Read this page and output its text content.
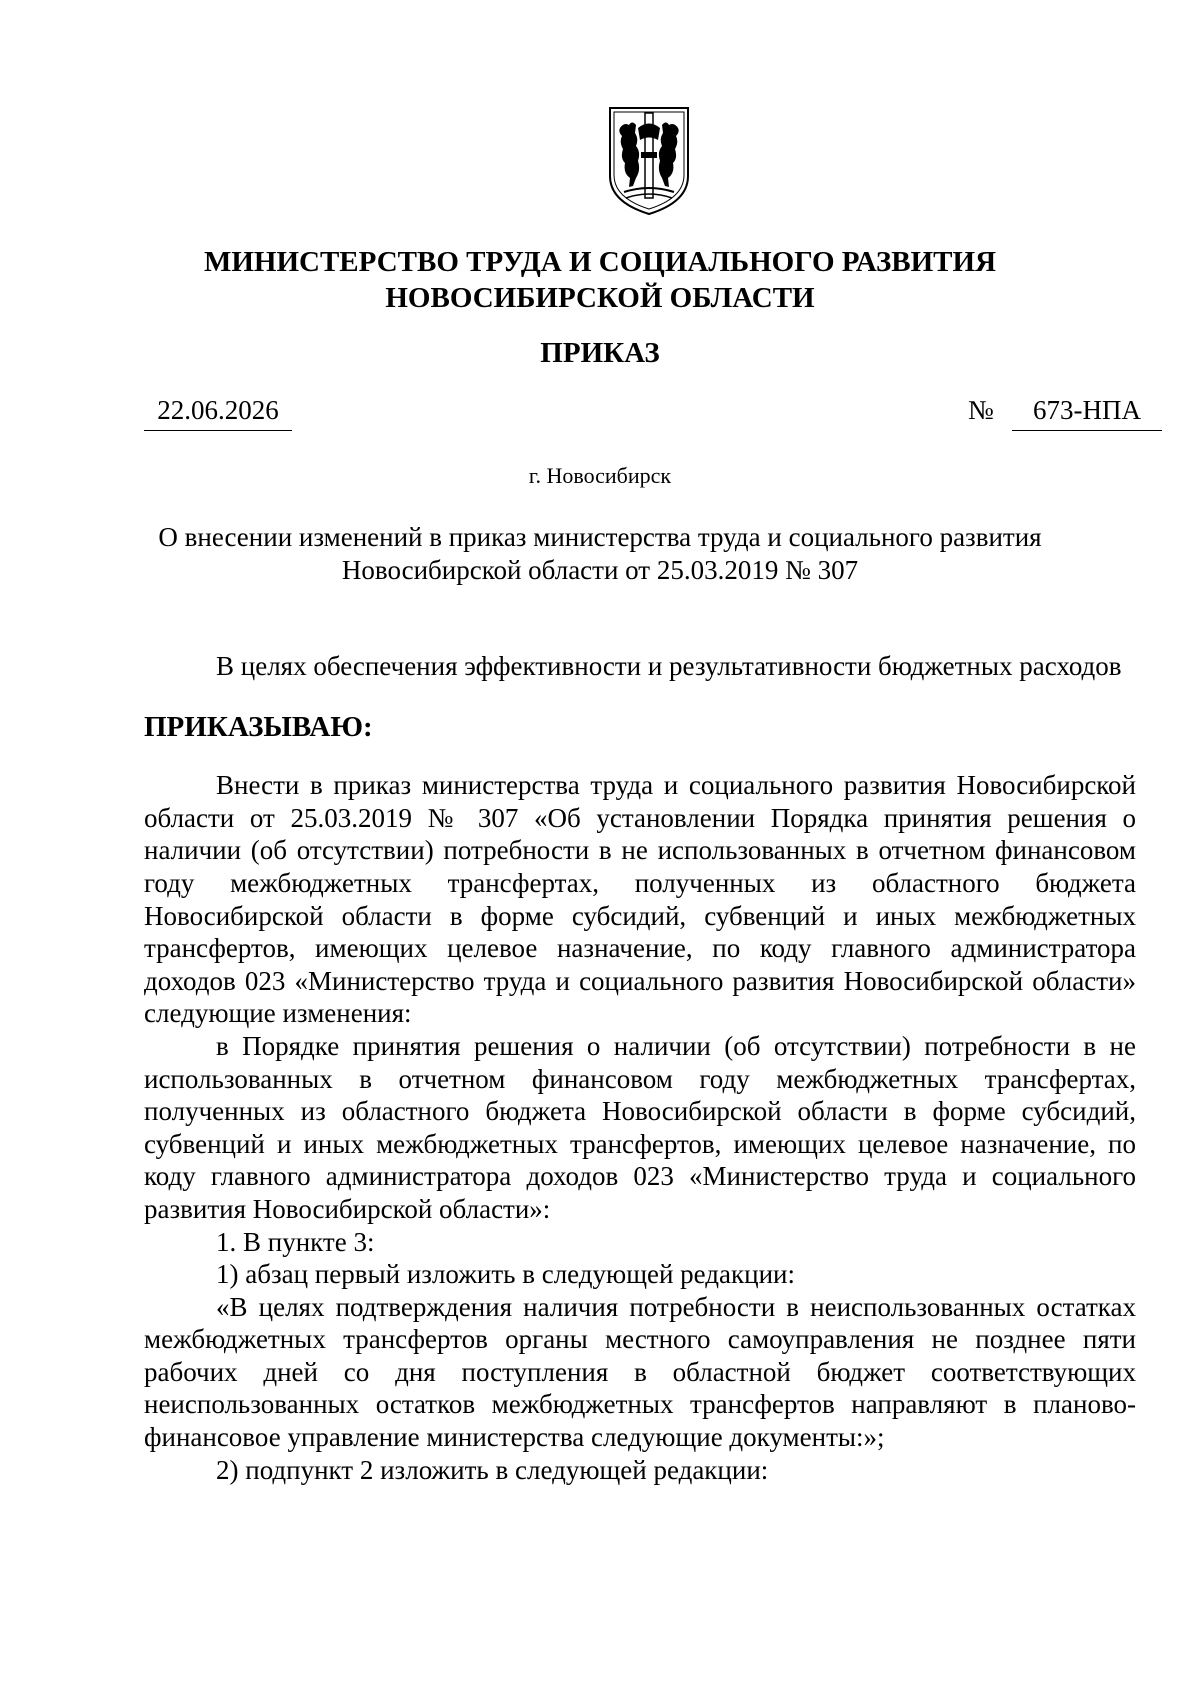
МИНИСТЕРСТВО ТРУДА И СОЦИАЛЬНОГО РАЗВИТИЯ
НОВОСИБИРСКОЙ ОБЛАСТИ
ПРИКАЗ
22.06.2026	№	673-НПА
г. Новосибирск
О внесении изменений в приказ министерства труда и социального развития
Новосибирской области от 25.03.2019 № 307

В целях обеспечения эффективности и результативности бюджетных расходов

ПРИКАЗЫВАЮ:

Внести в приказ министерства труда и социального развития Новосибирской области от 25.03.2019 № 307 «Об установлении Порядка принятия решения о наличии (об отсутствии) потребности в не использованных в отчетном финансовом году межбюджетных трансфертах, полученных из областного бюджета Новосибирской области в форме субсидий, субвенций и иных межбюджетных трансфертов, имеющих целевое назначение, по коду главного администратора доходов 023 «Министерство труда и социального развития Новосибирской области» следующие изменения:

в Порядке принятия решения о наличии (об отсутствии) потребности в не использованных в отчетном финансовом году межбюджетных трансфертах, полученных из областного бюджета Новосибирской области в форме субсидий, субвенций и иных межбюджетных трансфертов, имеющих целевое назначение, по коду главного администратора доходов 023 «Министерство труда и социального развития Новосибирской области»:

1. В пункте 3:

1) абзац первый изложить в следующей редакции:

«В целях подтверждения наличия потребности в неиспользованных остатках межбюджетных трансфертов органы местного самоуправления не позднее пяти рабочих дней со дня поступления в областной бюджет соответствующих неиспользованных остатков межбюджетных трансфертов направляют в планово-финансовое управление министерства следующие документы:»;

2) подпункт 2 изложить в следующей редакции:
